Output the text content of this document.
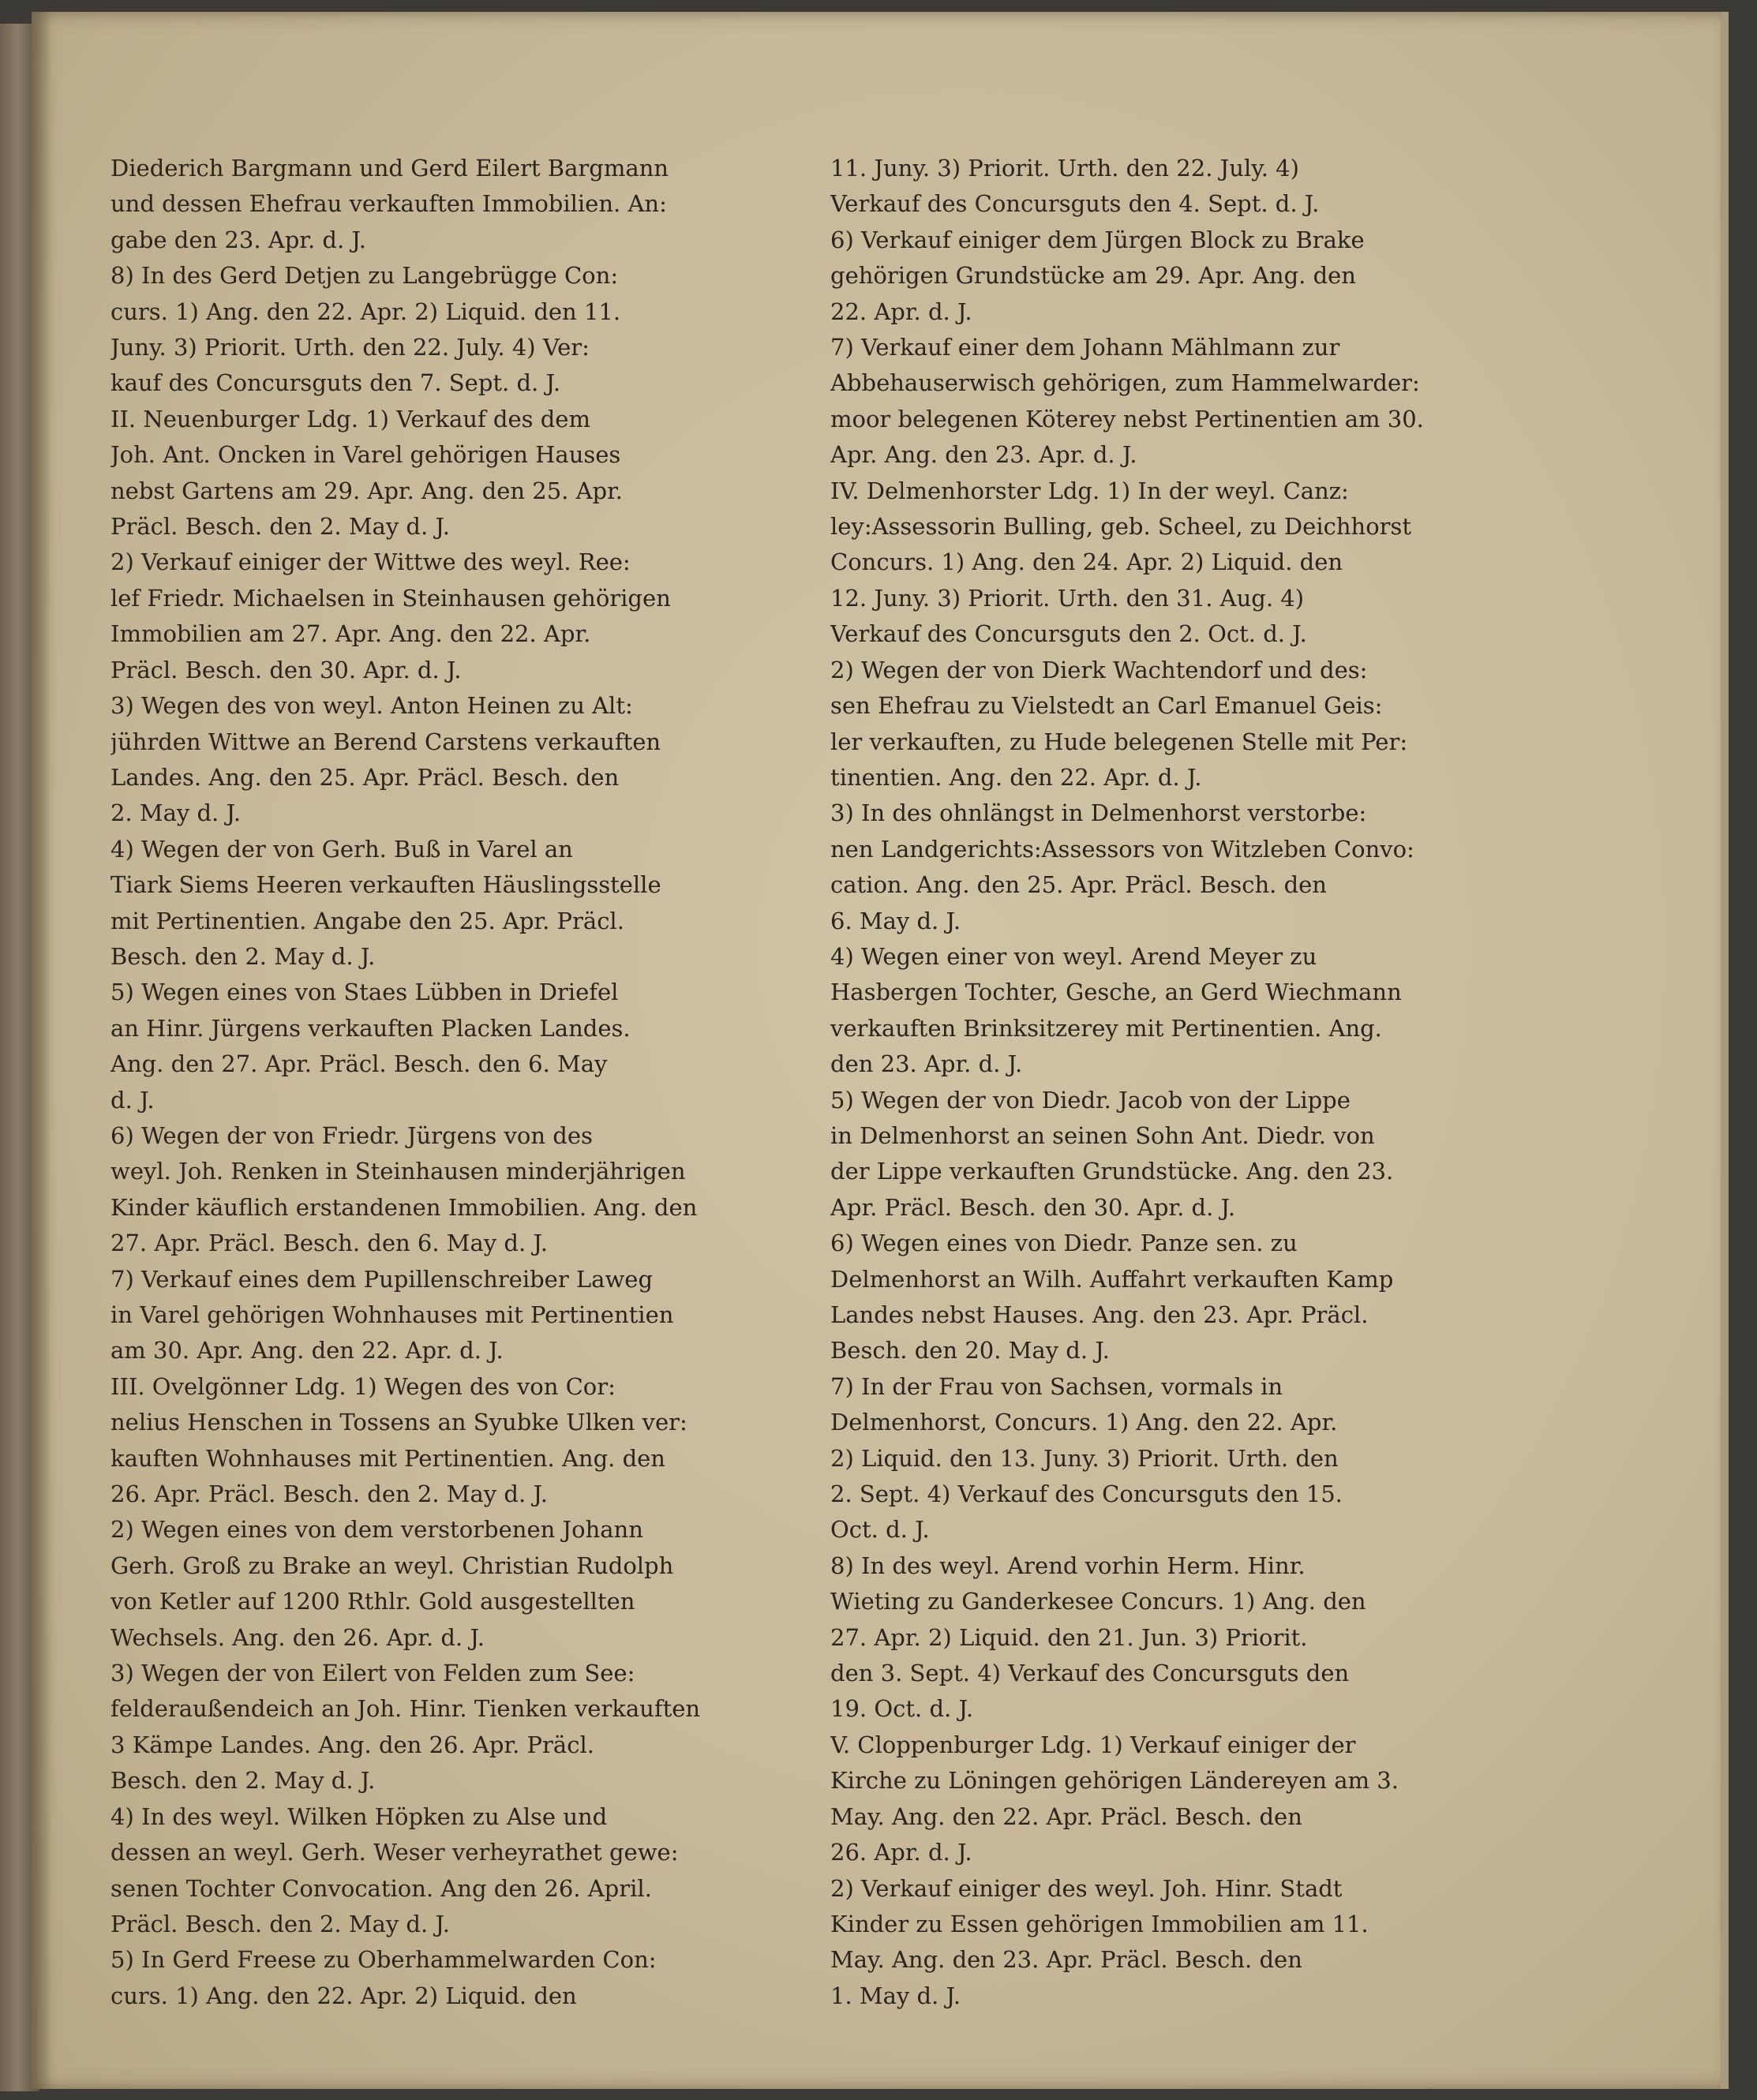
Diederich Bargmann und Gerd Eilert Bargmann

und dessen Ehefrau verkauften Immobilien. An:

gabe den 23. Apr. d. J.

8) In des Gerd Detjen zu Langebrügge Con:

curs. 1) Ang. den 22. Apr. 2) Liquid. den 11.

Juny. 3) Priorit. Urth. den 22. July. 4) Ver:

kauf des Concursguts den 7. Sept. d. J.

II. Neuenburger Ldg. 1) Verkauf des dem

Joh. Ant. Oncken in Varel gehörigen Hauses

nebst Gartens am 29. Apr. Ang. den 25. Apr.

Präcl. Besch. den 2. May d. J.

2) Verkauf einiger der Wittwe des weyl. Ree:

lef Friedr. Michaelsen in Steinhausen gehörigen

Immobilien am 27. Apr. Ang. den 22. Apr.

Präcl. Besch. den 30. Apr. d. J.

3) Wegen des von weyl. Anton Heinen zu Alt:

jührden Wittwe an Berend Carstens verkauften

Landes. Ang. den 25. Apr. Präcl. Besch. den

2. May d. J.

4) Wegen der von Gerh. Buß in Varel an

Tiark Siems Heeren verkauften Häuslingsstelle

mit Pertinentien. Angabe den 25. Apr. Präcl.

Besch. den 2. May d. J.

5) Wegen eines von Staes Lübben in Driefel

an Hinr. Jürgens verkauften Placken Landes.

Ang. den 27. Apr. Präcl. Besch. den 6. May

d. J.

6) Wegen der von Friedr. Jürgens von des

weyl. Joh. Renken in Steinhausen minderjährigen

Kinder käuflich erstandenen Immobilien. Ang. den

27. Apr. Präcl. Besch. den 6. May d. J.

7) Verkauf eines dem Pupillenschreiber Laweg

in Varel gehörigen Wohnhauses mit Pertinentien

am 30. Apr. Ang. den 22. Apr. d. J.

III. Ovelgönner Ldg. 1) Wegen des von Cor:

nelius Henschen in Tossens an Syubke Ulken ver:

kauften Wohnhauses mit Pertinentien. Ang. den

26. Apr. Präcl. Besch. den 2. May d. J.

2) Wegen eines von dem verstorbenen Johann

Gerh. Groß zu Brake an weyl. Christian Rudolph

von Ketler auf 1200 Rthlr. Gold ausgestellten

Wechsels. Ang. den 26. Apr. d. J.

3) Wegen der von Eilert von Felden zum See:

felderaußendeich an Joh. Hinr. Tienken verkauften

3 Kämpe Landes. Ang. den 26. Apr. Präcl.

Besch. den 2. May d. J.

4) In des weyl. Wilken Höpken zu Alse und

dessen an weyl. Gerh. Weser verheyrathet gewe:

senen Tochter Convocation. Ang den 26. April.

Präcl. Besch. den 2. May d. J.

5) In Gerd Freese zu Oberhammelwarden Con:

curs. 1) Ang. den 22. Apr. 2) Liquid. den

11. Juny. 3) Priorit. Urth. den 22. July. 4)

Verkauf des Concursguts den 4. Sept. d. J.

6) Verkauf einiger dem Jürgen Block zu Brake

gehörigen Grundstücke am 29. Apr. Ang. den

22. Apr. d. J.

7) Verkauf einer dem Johann Mählmann zur

Abbehauserwisch gehörigen, zum Hammelwarder:

moor belegenen Köterey nebst Pertinentien am 30.

Apr. Ang. den 23. Apr. d. J.

IV. Delmenhorster Ldg. 1) In der weyl. Canz:

ley:Assessorin Bulling, geb. Scheel, zu Deichhorst

Concurs. 1) Ang. den 24. Apr. 2) Liquid. den

12. Juny. 3) Priorit. Urth. den 31. Aug. 4)

Verkauf des Concursguts den 2. Oct. d. J.

2) Wegen der von Dierk Wachtendorf und des:

sen Ehefrau zu Vielstedt an Carl Emanuel Geis:

ler verkauften, zu Hude belegenen Stelle mit Per:

tinentien. Ang. den 22. Apr. d. J.

3) In des ohnlängst in Delmenhorst verstorbe:

nen Landgerichts:Assessors von Witzleben Convo:

cation. Ang. den 25. Apr. Präcl. Besch. den

6. May d. J.

4) Wegen einer von weyl. Arend Meyer zu

Hasbergen Tochter, Gesche, an Gerd Wiechmann

verkauften Brinksitzerey mit Pertinentien. Ang.

den 23. Apr. d. J.

5) Wegen der von Diedr. Jacob von der Lippe

in Delmenhorst an seinen Sohn Ant. Diedr. von

der Lippe verkauften Grundstücke. Ang. den 23.

Apr. Präcl. Besch. den 30. Apr. d. J.

6) Wegen eines von Diedr. Panze sen. zu

Delmenhorst an Wilh. Auffahrt verkauften Kamp

Landes nebst Hauses. Ang. den 23. Apr. Präcl.

Besch. den 20. May d. J.

7) In der Frau von Sachsen, vormals in

Delmenhorst, Concurs. 1) Ang. den 22. Apr.

2) Liquid. den 13. Juny. 3) Priorit. Urth. den

2. Sept. 4) Verkauf des Concursguts den 15.

Oct. d. J.

8) In des weyl. Arend vorhin Herm. Hinr.

Wieting zu Ganderkesee Concurs. 1) Ang. den

27. Apr. 2) Liquid. den 21. Jun. 3) Priorit.

den 3. Sept. 4) Verkauf des Concursguts den

19. Oct. d. J.

V. Cloppenburger Ldg. 1) Verkauf einiger der

Kirche zu Löningen gehörigen Ländereyen am 3.

May. Ang. den 22. Apr. Präcl. Besch. den

26. Apr. d. J.

2) Verkauf einiger des weyl. Joh. Hinr. Stadt

Kinder zu Essen gehörigen Immobilien am 11.

May. Ang. den 23. Apr. Präcl. Besch. den

1. May d. J.
